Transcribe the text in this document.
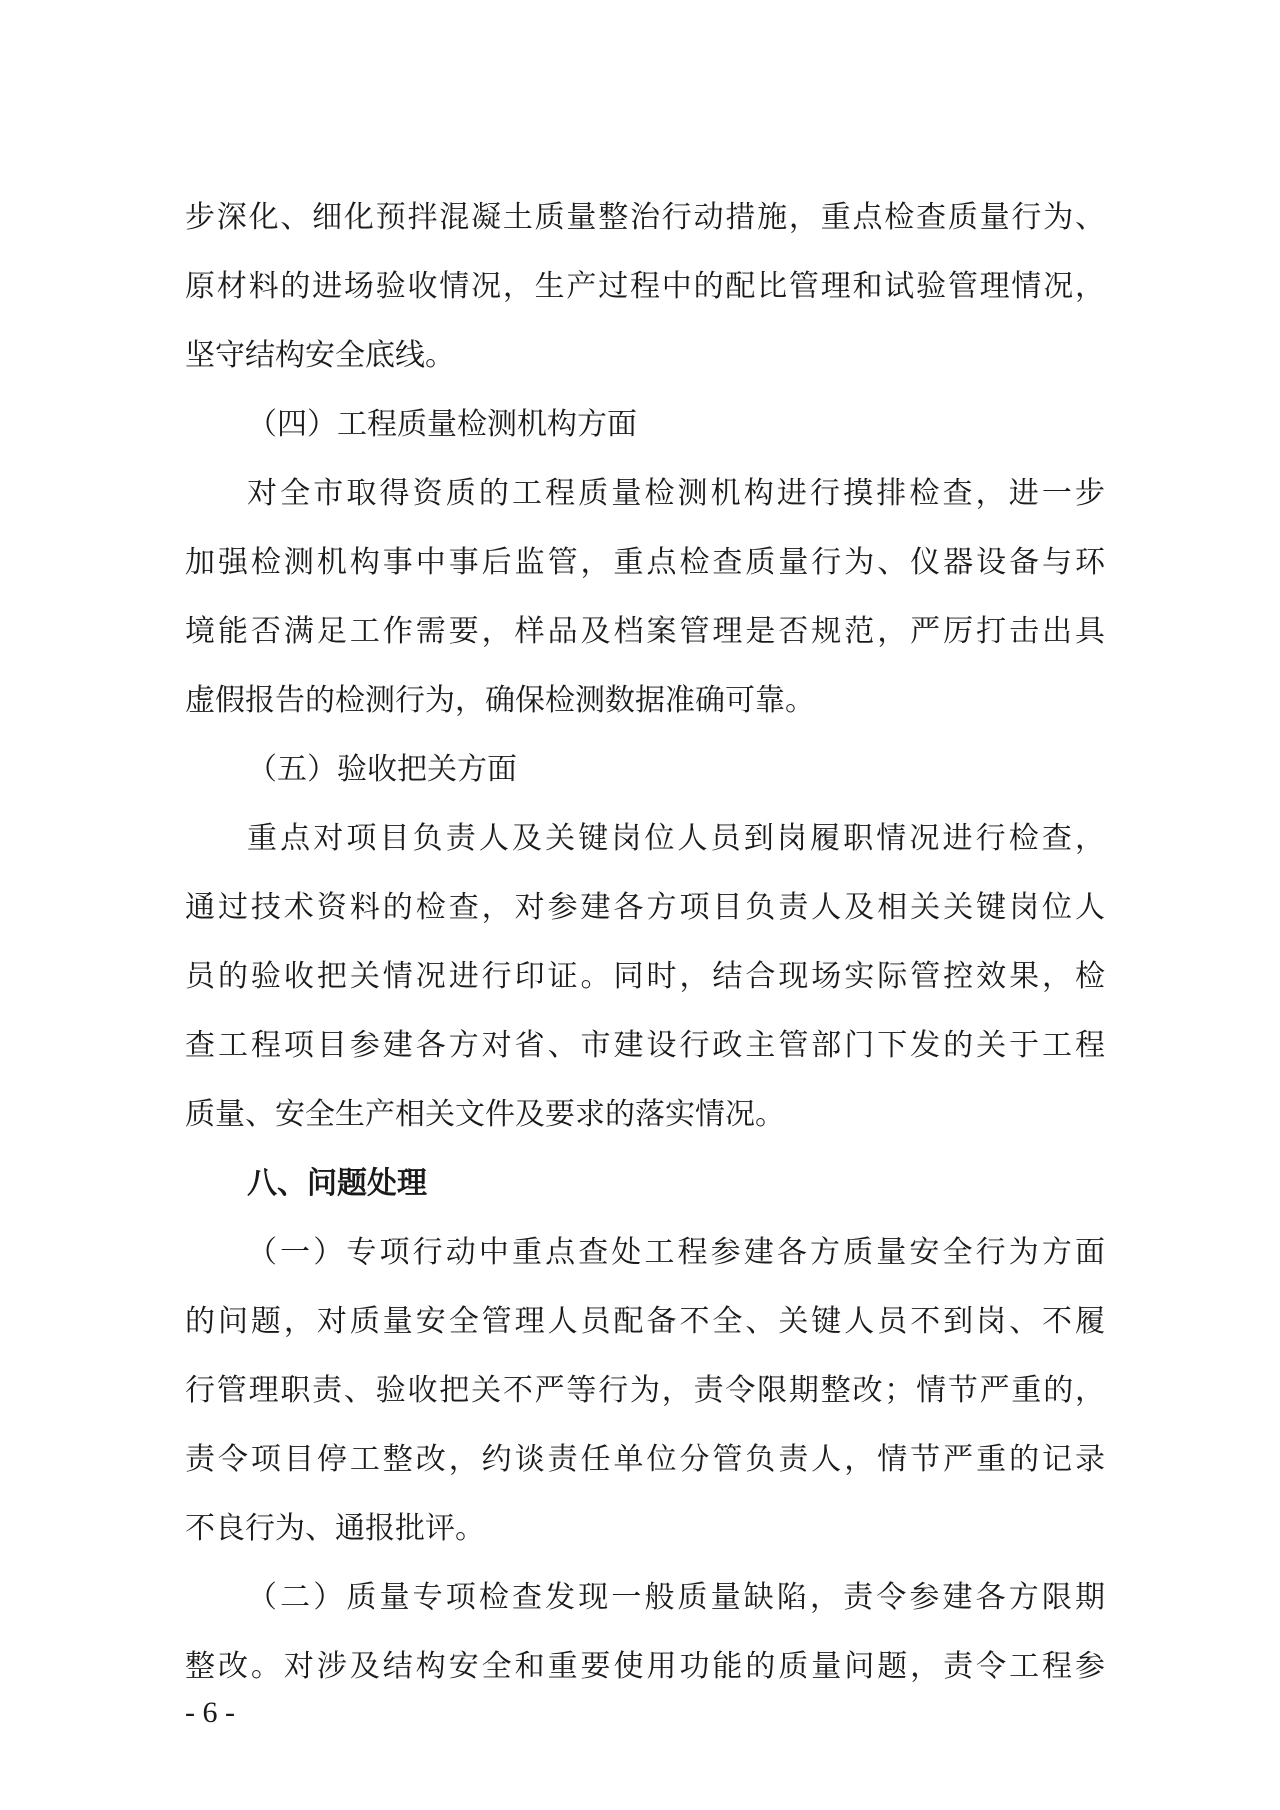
步深化、细化预拌混凝土质量整治行动措施，重点检查质量行为、
原材料的进场验收情况，生产过程中的配比管理和试验管理情况，
坚守结构安全底线。
（四）工程质量检测机构方面
对全市取得资质的工程质量检测机构进行摸排检查，进一步
加强检测机构事中事后监管，重点检查质量行为、仪器设备与环
境能否满足工作需要，样品及档案管理是否规范，严厉打击出具
虚假报告的检测行为，确保检测数据准确可靠。
（五）验收把关方面
重点对项目负责人及关键岗位人员到岗履职情况进行检查，
通过技术资料的检查，对参建各方项目负责人及相关关键岗位人
员的验收把关情况进行印证。同时，结合现场实际管控效果，检
查工程项目参建各方对省、市建设行政主管部门下发的关于工程
质量、安全生产相关文件及要求的落实情况。
八、问题处理
（一）专项行动中重点查处工程参建各方质量安全行为方面
的问题，对质量安全管理人员配备不全、关键人员不到岗、不履
行管理职责、验收把关不严等行为，责令限期整改；情节严重的，
责令项目停工整改，约谈责任单位分管负责人，情节严重的记录
不良行为、通报批评。
（二）质量专项检查发现一般质量缺陷，责令参建各方限期
整改。对涉及结构安全和重要使用功能的质量问题，责令工程参
- 6 -
